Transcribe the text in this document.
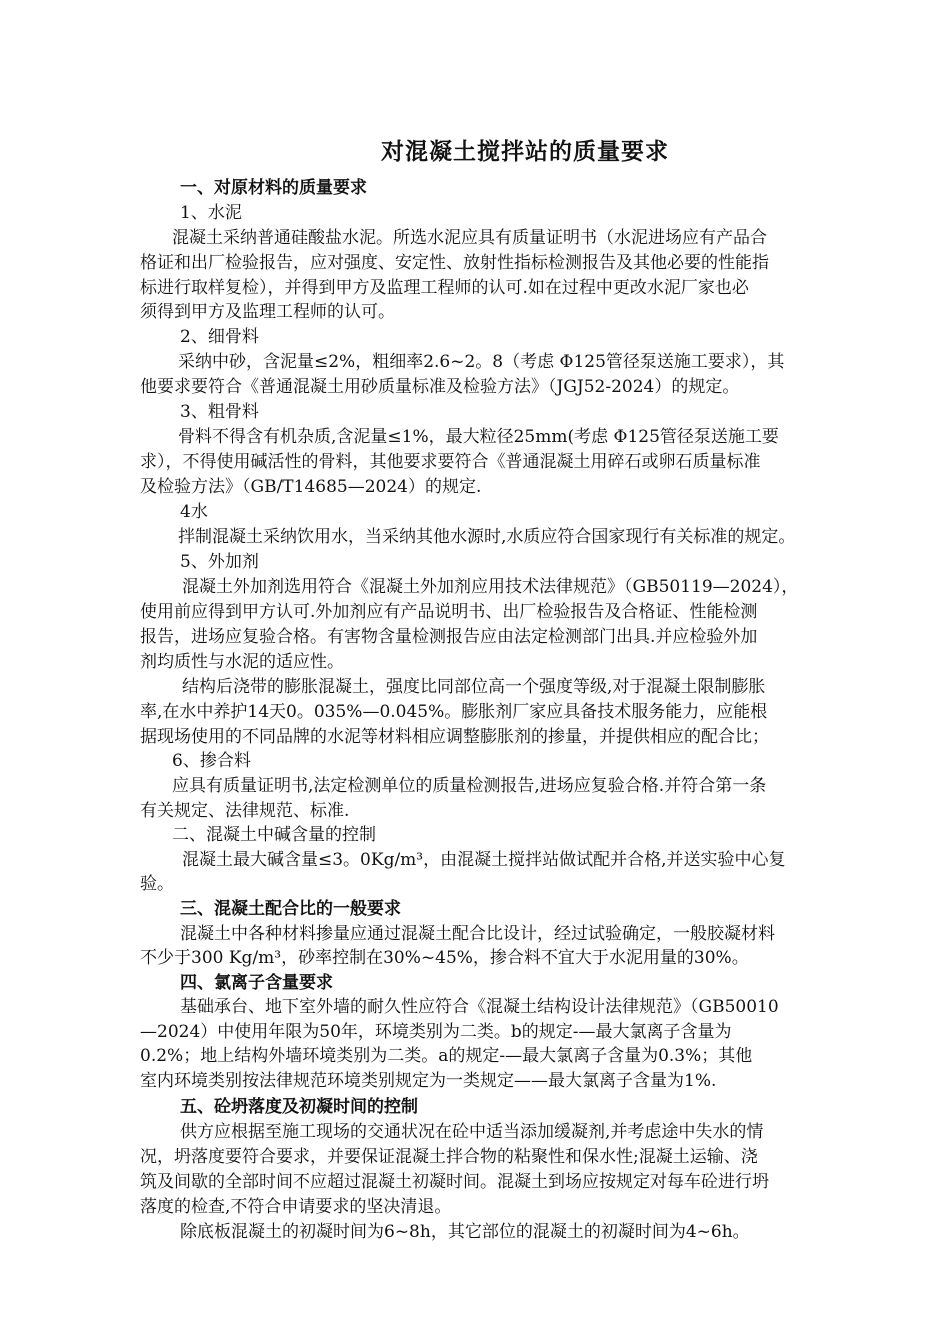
对混凝土搅拌站的质量要求
一、对原材料的质量要求
1、水泥
混凝土采纳普通硅酸盐水泥。所选水泥应具有质量证明书（水泥进场应有产品合
格证和出厂检验报告，应对强度、安定性、放射性指标检测报告及其他必要的性能指
标进行取样复检），并得到甲方及监理工程师的认可.如在过程中更改水泥厂家也必
须得到甲方及监理工程师的认可。
2、细骨料
采纳中砂，含泥量≤2%，粗细率2.6~2。8（考虑 Φ125管径泵送施工要求），其
他要求要符合《普通混凝土用砂质量标准及检验方法》（JGJ52-2024）的规定。
3、粗骨料
骨料不得含有机杂质,含泥量≤1%，最大粒径25mm(考虑 Φ125管径泵送施工要
求），不得使用碱活性的骨料，其他要求要符合《普通混凝土用碎石或卵石质量标准
及检验方法》（GB/T14685—2024）的规定.
4水
拌制混凝土采纳饮用水，当采纳其他水源时,水质应符合国家现行有关标准的规定。
5、外加剂
混凝土外加剂选用符合《混凝土外加剂应用技术法律规范》（GB50119—2024），
使用前应得到甲方认可.外加剂应有产品说明书、出厂检验报告及合格证、性能检测
报告，进场应复验合格。有害物含量检测报告应由法定检测部门出具.并应检验外加
剂均质性与水泥的适应性。
结构后浇带的膨胀混凝土，强度比同部位高一个强度等级,对于混凝土限制膨胀
率,在水中养护14天0。035%—0.045%。膨胀剂厂家应具备技术服务能力，应能根
据现场使用的不同品牌的水泥等材料相应调整膨胀剂的掺量，并提供相应的配合比；
6、掺合料
应具有质量证明书,法定检测单位的质量检测报告,进场应复验合格.并符合第一条
有关规定、法律规范、标准.
二、混凝土中碱含量的控制
混凝土最大碱含量≤3。0Kg/m³，由混凝土搅拌站做试配并合格,并送实验中心复
验。
三、混凝土配合比的一般要求
混凝土中各种材料掺量应通过混凝土配合比设计，经过试验确定，一般胶凝材料
不少于300 Kg/m³，砂率控制在30%~45%，掺合料不宜大于水泥用量的30%。
四、氯离子含量要求
基础承台、地下室外墙的耐久性应符合《混凝土结构设计法律规范》（GB50010
—2024）中使用年限为50年，环境类别为二类。b的规定-—最大氯离子含量为
0.2%；地上结构外墙环境类别为二类。a的规定-—最大氯离子含量为0.3%；其他
室内环境类别按法律规范环境类别规定为一类规定——最大氯离子含量为1%.
五、砼坍落度及初凝时间的控制
供方应根据至施工现场的交通状况在砼中适当添加缓凝剂,并考虑途中失水的情
况，坍落度要符合要求，并要保证混凝土拌合物的粘聚性和保水性;混凝土运输、浇
筑及间歇的全部时间不应超过混凝土初凝时间。混凝土到场应按规定对每车砼进行坍
落度的检查,不符合申请要求的坚决清退。
除底板混凝土的初凝时间为6~8h，其它部位的混凝土的初凝时间为4~6h。
